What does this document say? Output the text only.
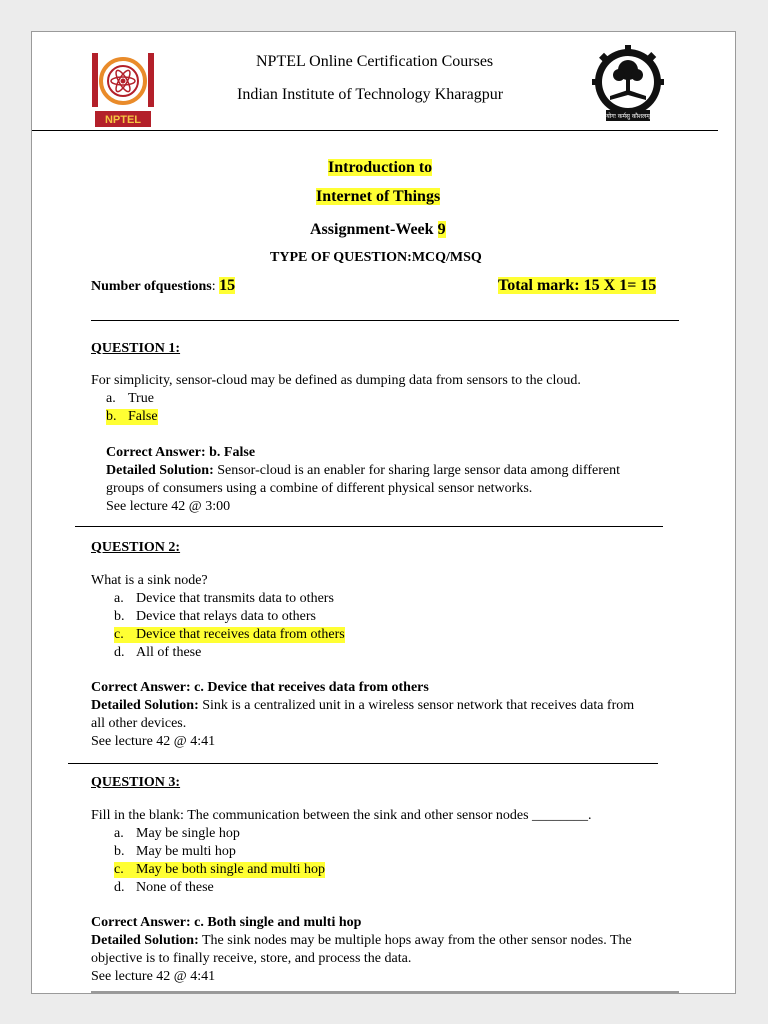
NPTEL
NPTEL Online Certification Courses
Indian Institute of Technology Kharagpur
योगः कर्मसु कौशलम्
Introduction to
Internet of Things
Assignment-Week 9
TYPE OF QUESTION:MCQ/MSQ
Number ofquestions: 15	Total mark: 15 X 1= 15
QUESTION 1:
For simplicity, sensor-cloud may be defined as dumping data from sensors to the cloud.
a. True
b. False
Correct Answer: b. False
Detailed Solution: Sensor-cloud is an enabler for sharing large sensor data among different
groups of consumers using a combine of different physical sensor networks.
See lecture 42 @ 3:00
QUESTION 2:
What is a sink node?
a. Device that transmits data to others
b. Device that relays data to others
c. Device that receives data from others
d. All of these
Correct Answer: c. Device that receives data from others
Detailed Solution: Sink is a centralized unit in a wireless sensor network that receives data from
all other devices.
See lecture 42 @ 4:41
QUESTION 3:
Fill in the blank: The communication between the sink and other sensor nodes ________.
a. May be single hop
b. May be multi hop
c. May be both single and multi hop
d. None of these
Correct Answer: c. Both single and multi hop
Detailed Solution: The sink nodes may be multiple hops away from the other sensor nodes. The
objective is to finally receive, store, and process the data.
See lecture 42 @ 4:41
